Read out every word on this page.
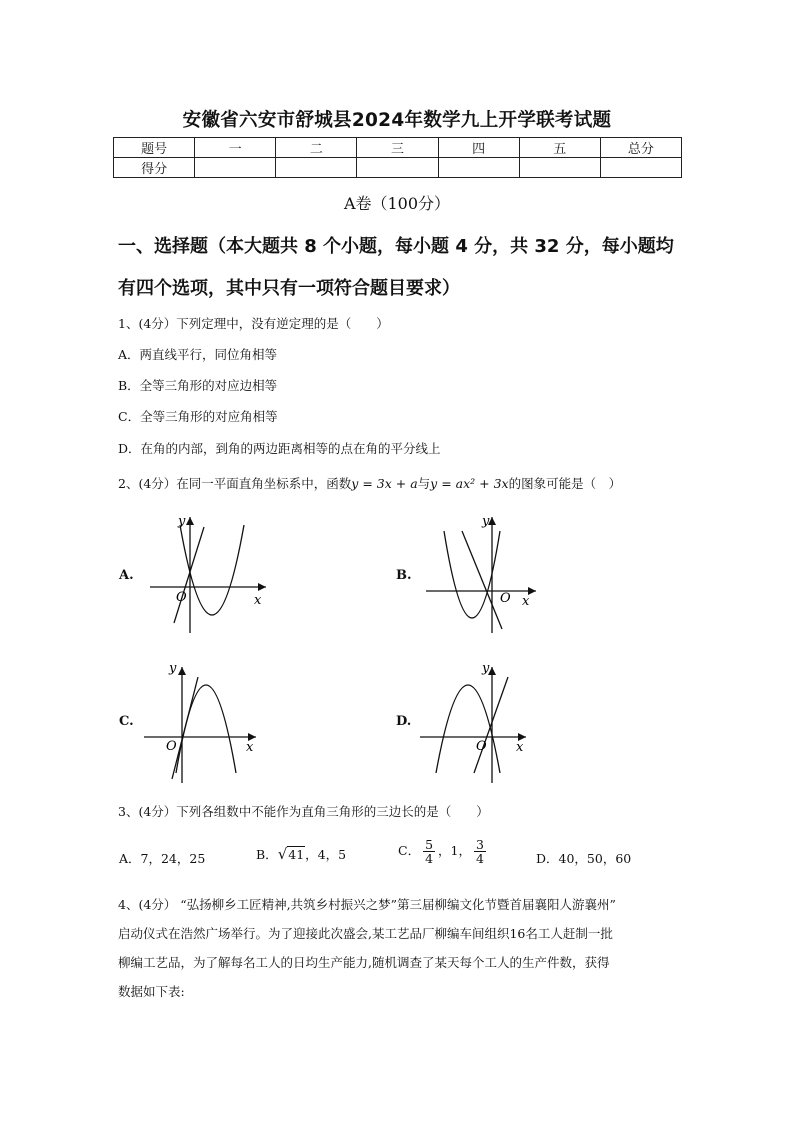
安徽省六安市舒城县2024年数学九上开学联考试题
题号	一	二	三	四	五	总分
得分						
A卷（100分）
一、选择题（本大题共 8 个小题，每小题 4 分，共 32 分，每小题均
有四个选项，其中只有一项符合题目要求）
1、(4分）下列定理中，没有逆定理的是（　　）
A．两直线平行，同位角相等
B．全等三角形的对应边相等
C．全等三角形的对应角相等
D．在角的内部，到角的两边距离相等的点在角的平分线上
2、(4分）在同一平面直角坐标系中，函数y = 3x + a与y = ax² + 3x的图象可能是（　）
A.	B.
C.	D.
x
y
O	x
y
O
x
y
O	x
y
O
3、(4分）下列各组数中不能作为直角三角形的三边长的是（　　）
A．7，24，25	B．√41，4，5	C． $\frac{5}{4}$ ，1， $\frac{3}{4}$	D．40，50，60
4、(4分） “弘扬柳乡工匠精神,共筑乡村振兴之梦”第三届柳编文化节暨首届襄阳人游襄州”
启动仪式在浩然广场举行。为了迎接此次盛会,某工艺品厂柳编车间组织16名工人赶制一批
柳编工艺品，为了解每名工人的日均生产能力,随机调查了某天每个工人的生产件数，获得
数据如下表:
